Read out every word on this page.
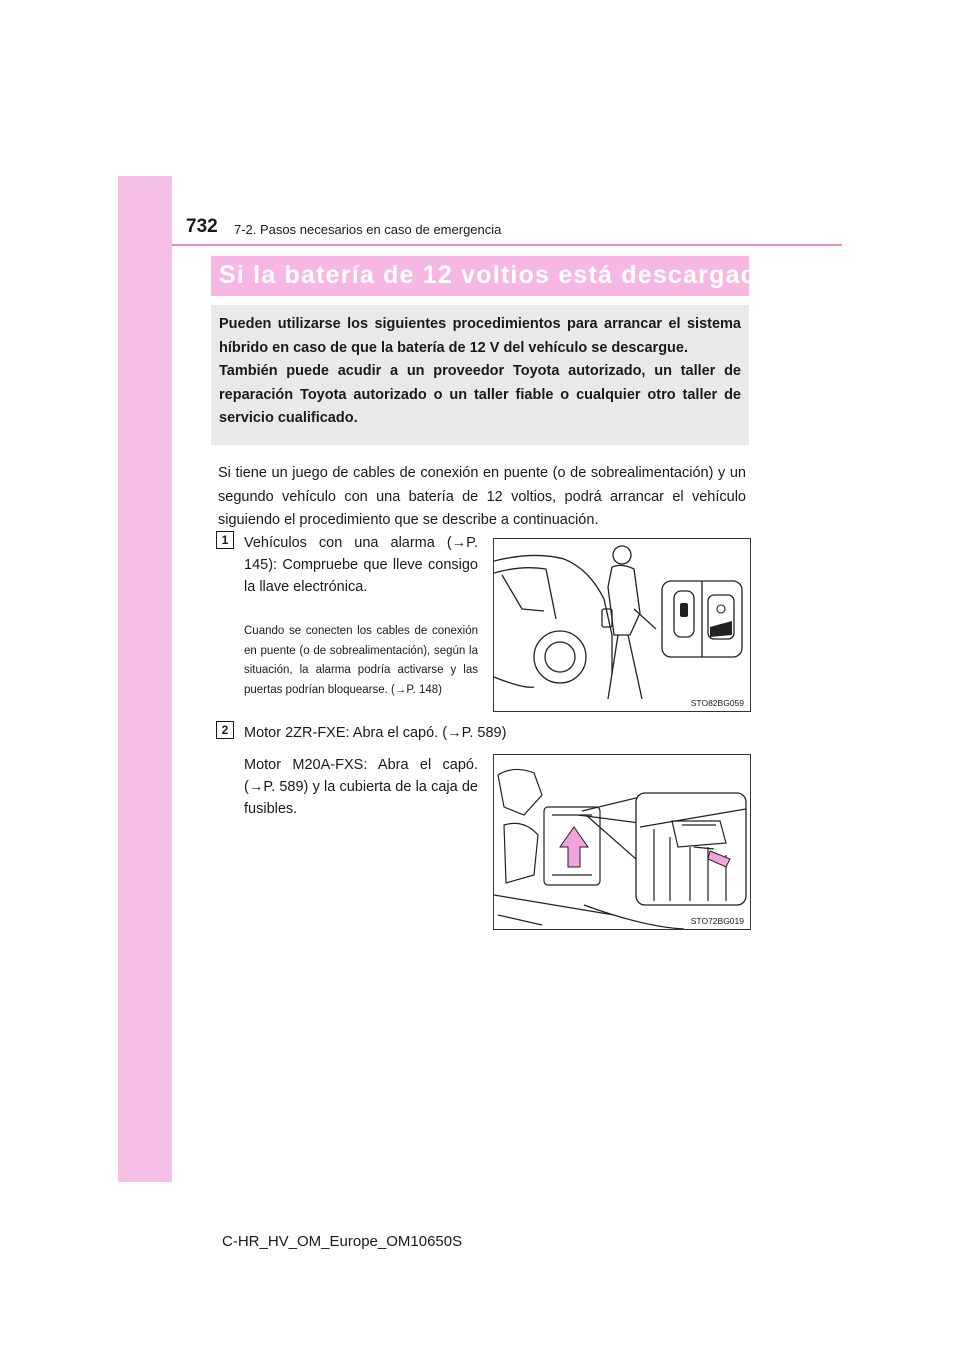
732 7-2. Pasos necesarios en caso de emergencia
Si la batería de 12 voltios está descargada

Pueden utilizarse los siguientes procedimientos para arrancar el sistema híbrido en caso de que la batería de 12 V del vehículo se descargue.

También puede acudir a un proveedor Toyota autorizado, un taller de reparación Toyota autorizado o un taller fiable o cualquier otro taller de servicio cualificado.

Si tiene un juego de cables de conexión en puente (o de sobrealimentación) y un segundo vehículo con una batería de 12 voltios, podrá arrancar el vehículo siguiendo el procedimiento que se describe a continuación.

1	Vehículos con una alarma (→P. 145): Compruebe que lleve consigo la llave electrónica.

Cuando se conecten los cables de conexión en puente (o de sobrealimentación), según la situación, la alarma podría activarse y las puertas podrían bloquearse. (→P. 148)

STO82BG059
2	Motor 2ZR-FXE: Abra el capó. (→P. 589)

Motor M20A-FXS: Abra el capó. (→P. 589) y la cubierta de la caja de fusibles.

STO72BG019
C-HR_HV_OM_Europe_OM10650S
